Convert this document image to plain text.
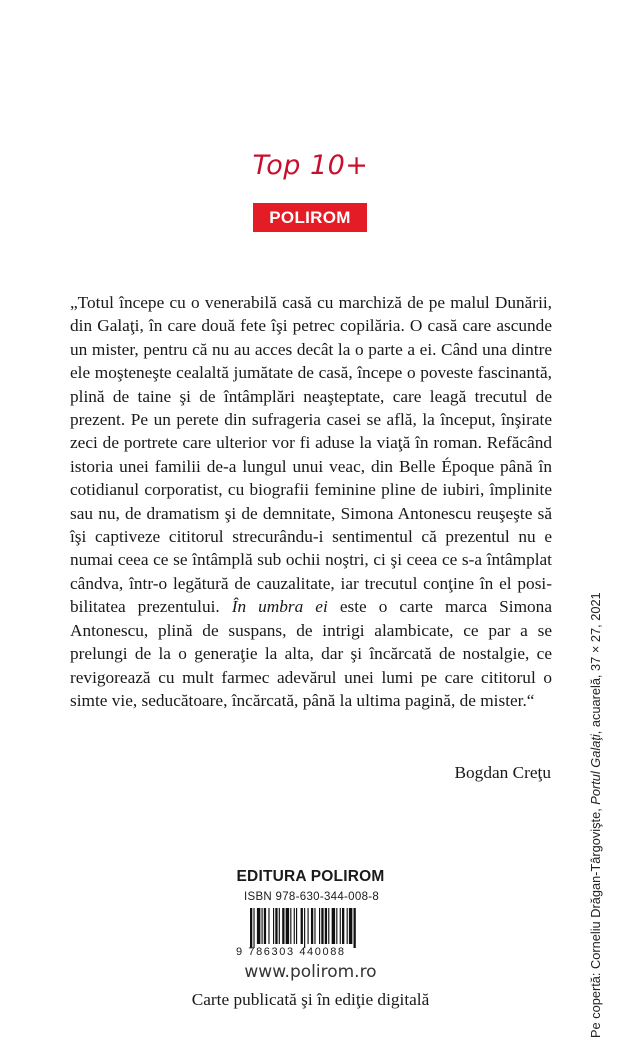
Top 10+
POLIROM
„Totul începe cu o venerabilă casă cu marchiză de pe malul Dunării, din Galaţi, în care două fete îşi petrec copilăria. O casă care ascunde un mister, pentru că nu au acces decât la o parte a ei. Când una dintre ele moşteneşte cealaltă jumătate de casă, începe o poveste fascinantă, plină de taine şi de întâmplări neaşteptate, care leagă trecutul de prezent. Pe un perete din sufrageria casei se află, la început, înşirate zeci de portrete care ulterior vor fi aduse la viaţă în roman. Refăcând istoria unei familii de-a lungul unui veac, din Belle Époque până în cotidianul corporatist, cu biografii feminine pline de iubiri, împlinite sau nu, de dramatism şi de demnitate, Simona Antonescu reuşeşte să îşi captiveze cititorul strecurându-i sentimentul că prezentul nu e numai ceea ce se întâmplă sub ochii noştri, ci şi ceea ce s-a întâmplat cândva, într-o legătură de cauzalitate, iar trecutul conţine în el posibilitatea prezentului. În umbra ei este o carte marca Simona Antonescu, plină de suspans, de intrigi alambicate, ce par a se prelungi de la o generaţie la alta, dar şi încărcată de nostalgie, ce revigorează cu mult farmec adevărul unei lumi pe care cititorul o simte vie, seducătoare, încărcată, până la ultima pagină, de mister.“
Bogdan Creţu
EDITURA POLIROM
ISBN 978-630-344-008-8
9 786303 440088
www.polirom.ro
Carte publicată şi în ediţie digitală	Pe copertă: Corneliu Drăgan-Târgovişte, Portul Galaţi, acuarelă, 37 × 27, 2021
